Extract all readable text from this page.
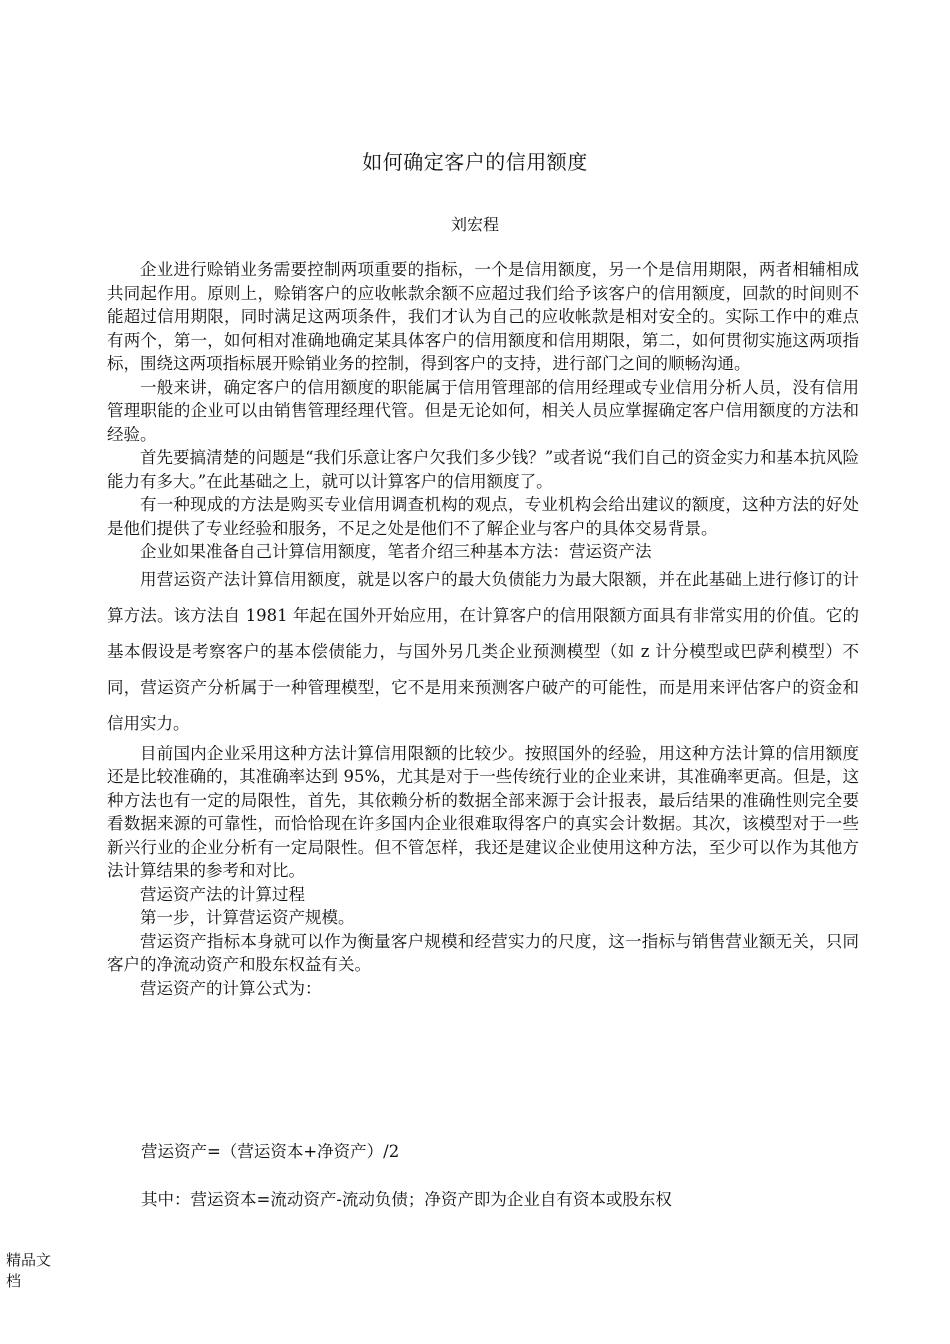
如何确定客户的信用额度
刘宏程

企业进行赊销业务需要控制两项重要的指标，一个是信用额度，另一个是信用期限，两者相辅相成共同起作用。原则上，赊销客户的应收帐款余额不应超过我们给予该客户的信用额度，回款的时间则不能超过信用期限，同时满足这两项条件，我们才认为自己的应收帐款是相对安全的。实际工作中的难点有两个，第一，如何相对准确地确定某具体客户的信用额度和信用期限，第二，如何贯彻实施这两项指标，围绕这两项指标展开赊销业务的控制，得到客户的支持，进行部门之间的顺畅沟通。

一般来讲，确定客户的信用额度的职能属于信用管理部的信用经理或专业信用分析人员，没有信用管理职能的企业可以由销售管理经理代管。但是无论如何，相关人员应掌握确定客户信用额度的方法和经验。

首先要搞清楚的问题是“我们乐意让客户欠我们多少钱？”或者说“我们自己的资金实力和基本抗风险能力有多大。”在此基础之上，就可以计算客户的信用额度了。

有一种现成的方法是购买专业信用调查机构的观点，专业机构会给出建议的额度，这种方法的好处是他们提供了专业经验和服务，不足之处是他们不了解企业与客户的具体交易背景。

企业如果准备自己计算信用额度，笔者介绍三种基本方法：营运资产法

用营运资产法计算信用额度，就是以客户的最大负债能力为最大限额，并在此基础上进行修订的计算方法。该方法自 1981 年起在国外开始应用，在计算客户的信用限额方面具有非常实用的价值。它的基本假设是考察客户的基本偿债能力，与国外另几类企业预测模型（如 z 计分模型或巴萨利模型）不同，营运资产分析属于一种管理模型，它不是用来预测客户破产的可能性，而是用来评估客户的资金和信用实力。

目前国内企业采用这种方法计算信用限额的比较少。按照国外的经验，用这种方法计算的信用额度还是比较准确的，其准确率达到 95%，尤其是对于一些传统行业的企业来讲，其准确率更高。但是，这种方法也有一定的局限性，首先，其依赖分析的数据全部来源于会计报表，最后结果的准确性则完全要看数据来源的可靠性，而恰恰现在许多国内企业很难取得客户的真实会计数据。其次，该模型对于一些新兴行业的企业分析有一定局限性。但不管怎样，我还是建议企业使用这种方法，至少可以作为其他方法计算结果的参考和对比。

营运资产法的计算过程

第一步，计算营运资产规模。

营运资产指标本身就可以作为衡量客户规模和经营实力的尺度，这一指标与销售营业额无关，只同客户的净流动资产和股东权益有关。

营运资产的计算公式为：

营运资产=（营运资本+净资产）/2
其中：营运资本=流动资产-流动负债；净资产即为企业自有资本或股东权
精品文
档
